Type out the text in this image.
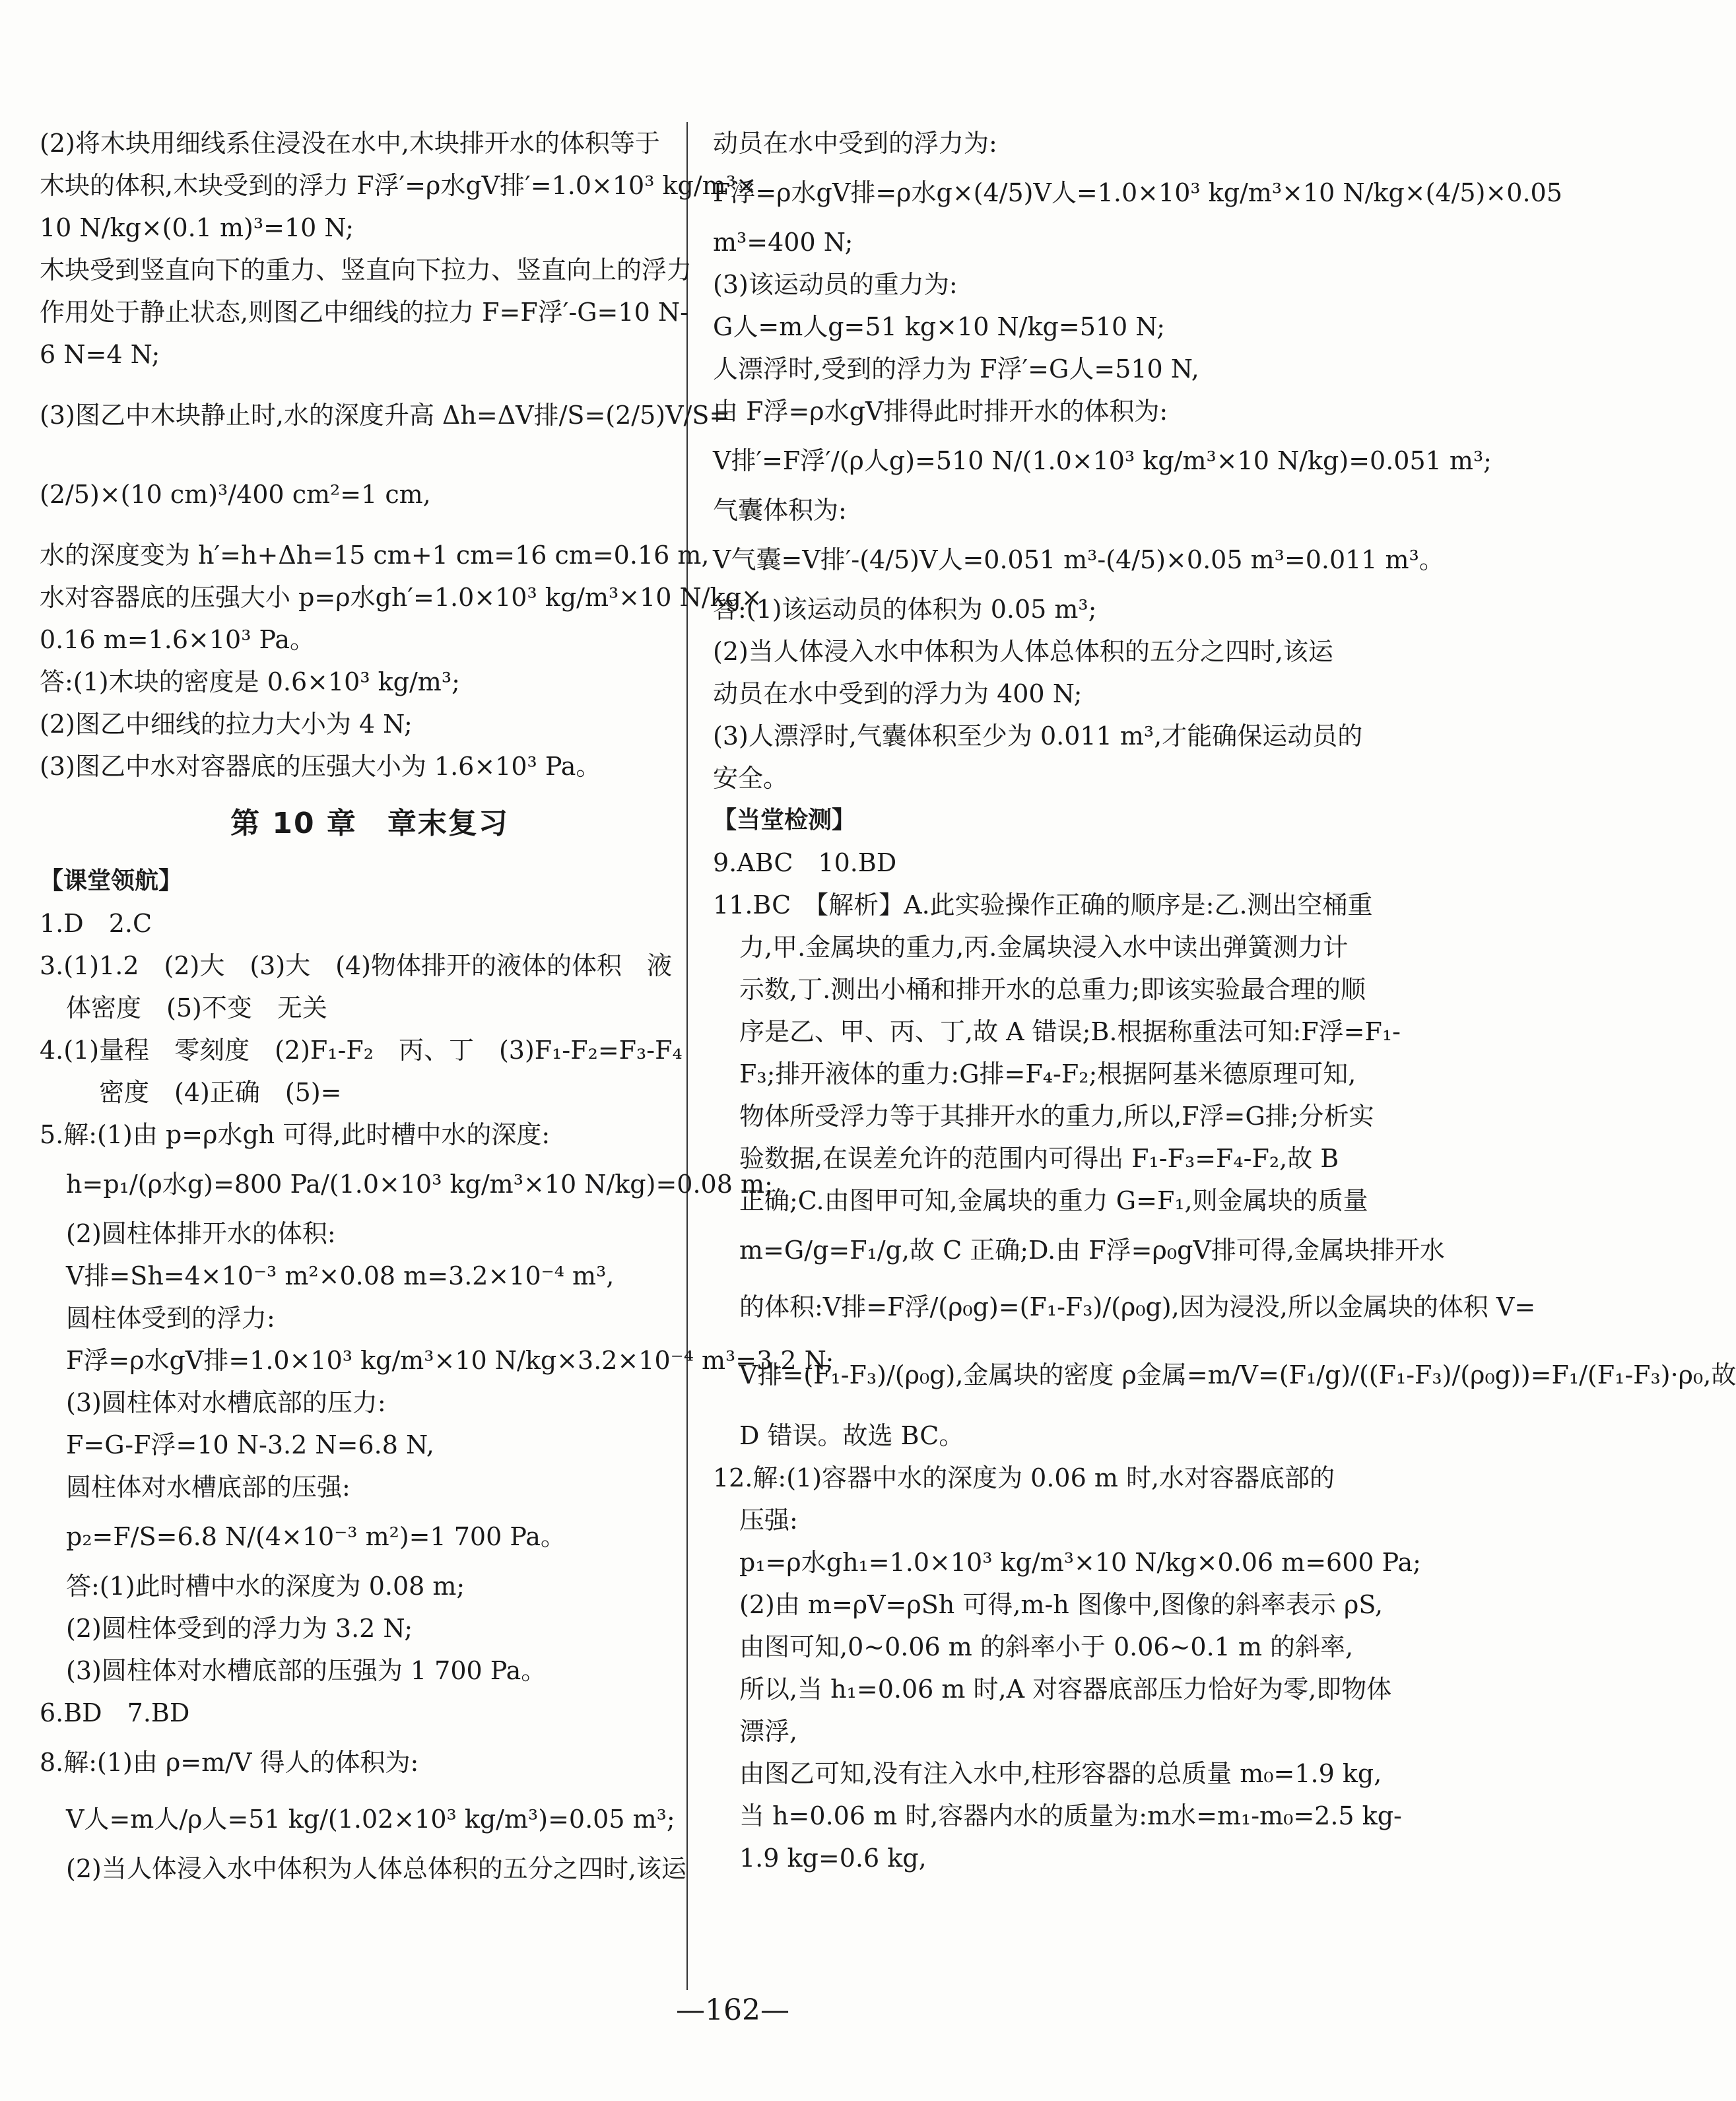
(2)将木块用细线系住浸没在水中,木块排开水的体积等于

木块的体积,木块受到的浮力 F浮′=ρ水gV排′=1.0×10³ kg/m³×

10 N/kg×(0.1 m)³=10 N;

木块受到竖直向下的重力、竖直向下拉力、竖直向上的浮力

作用处于静止状态,则图乙中细线的拉力 F=F浮′-G=10 N-

6 N=4 N;

(3)图乙中木块静止时,水的深度升高 Δh=ΔV排/S=(2/5)V/S=

(2/5)×(10 cm)³/400 cm²=1 cm,

水的深度变为 h′=h+Δh=15 cm+1 cm=16 cm=0.16 m,

水对容器底的压强大小 p=ρ水gh′=1.0×10³ kg/m³×10 N/kg×

0.16 m=1.6×10³ Pa。

答:(1)木块的密度是 0.6×10³ kg/m³;

(2)图乙中细线的拉力大小为 4 N;

(3)图乙中水对容器底的压强大小为 1.6×10³ Pa。

第 10 章　章末复习
【课堂领航】

1.D　2.C

3.(1)1.2　(2)大　(3)大　(4)物体排开的液体的体积　液

体密度　(5)不变　无关

4.(1)量程　零刻度　(2)F₁-F₂　丙、丁　(3)F₁-F₂=F₃-F₄

密度　(4)正确　(5)=

5.解:(1)由 p=ρ水gh 可得,此时槽中水的深度:

h=p₁/(ρ水g)=800 Pa/(1.0×10³ kg/m³×10 N/kg)=0.08 m;

(2)圆柱体排开水的体积:

V排=Sh=4×10⁻³ m²×0.08 m=3.2×10⁻⁴ m³,

圆柱体受到的浮力:

F浮=ρ水gV排=1.0×10³ kg/m³×10 N/kg×3.2×10⁻⁴ m³=3.2 N;

(3)圆柱体对水槽底部的压力:

F=G-F浮=10 N-3.2 N=6.8 N,

圆柱体对水槽底部的压强:

p₂=F/S=6.8 N/(4×10⁻³ m²)=1 700 Pa。

答:(1)此时槽中水的深度为 0.08 m;

(2)圆柱体受到的浮力为 3.2 N;

(3)圆柱体对水槽底部的压强为 1 700 Pa。

6.BD　7.BD

8.解:(1)由 ρ=m/V 得人的体积为:

V人=m人/ρ人=51 kg/(1.02×10³ kg/m³)=0.05 m³;

(2)当人体浸入水中体积为人体总体积的五分之四时,该运

动员在水中受到的浮力为:

F浮=ρ水gV排=ρ水g×(4/5)V人=1.0×10³ kg/m³×10 N/kg×(4/5)×0.05

m³=400 N;

(3)该运动员的重力为:

G人=m人g=51 kg×10 N/kg=510 N;

人漂浮时,受到的浮力为 F浮′=G人=510 N,

由 F浮=ρ水gV排得此时排开水的体积为:

V排′=F浮′/(ρ人g)=510 N/(1.0×10³ kg/m³×10 N/kg)=0.051 m³;

气囊体积为:

V气囊=V排′-(4/5)V人=0.051 m³-(4/5)×0.05 m³=0.011 m³。

答:(1)该运动员的体积为 0.05 m³;

(2)当人体浸入水中体积为人体总体积的五分之四时,该运

动员在水中受到的浮力为 400 N;

(3)人漂浮时,气囊体积至少为 0.011 m³,才能确保运动员的

安全。

【当堂检测】

9.ABC　10.BD

11.BC　【解析】A.此实验操作正确的顺序是:乙.测出空桶重

力,甲.金属块的重力,丙.金属块浸入水中读出弹簧测力计

示数,丁.测出小桶和排开水的总重力;即该实验最合理的顺

序是乙、甲、丙、丁,故 A 错误;B.根据称重法可知:F浮=F₁-

F₃;排开液体的重力:G排=F₄-F₂;根据阿基米德原理可知,

物体所受浮力等于其排开水的重力,所以,F浮=G排;分析实

验数据,在误差允许的范围内可得出 F₁-F₃=F₄-F₂,故 B

正确;C.由图甲可知,金属块的重力 G=F₁,则金属块的质量

m=G/g=F₁/g,故 C 正确;D.由 F浮=ρ₀gV排可得,金属块排开水

的体积:V排=F浮/(ρ₀g)=(F₁-F₃)/(ρ₀g),因为浸没,所以金属块的体积 V=

V排=(F₁-F₃)/(ρ₀g),金属块的密度 ρ金属=m/V=(F₁/g)/((F₁-F₃)/(ρ₀g))=F₁/(F₁-F₃)·ρ₀,故

D 错误。故选 BC。

12.解:(1)容器中水的深度为 0.06 m 时,水对容器底部的

压强:

p₁=ρ水gh₁=1.0×10³ kg/m³×10 N/kg×0.06 m=600 Pa;

(2)由 m=ρV=ρSh 可得,m-h 图像中,图像的斜率表示 ρS,

由图可知,0~0.06 m 的斜率小于 0.06~0.1 m 的斜率,

所以,当 h₁=0.06 m 时,A 对容器底部压力恰好为零,即物体

漂浮,

由图乙可知,没有注入水中,柱形容器的总质量 m₀=1.9 kg,

当 h=0.06 m 时,容器内水的质量为:m水=m₁-m₀=2.5 kg-

1.9 kg=0.6 kg,

—162—
